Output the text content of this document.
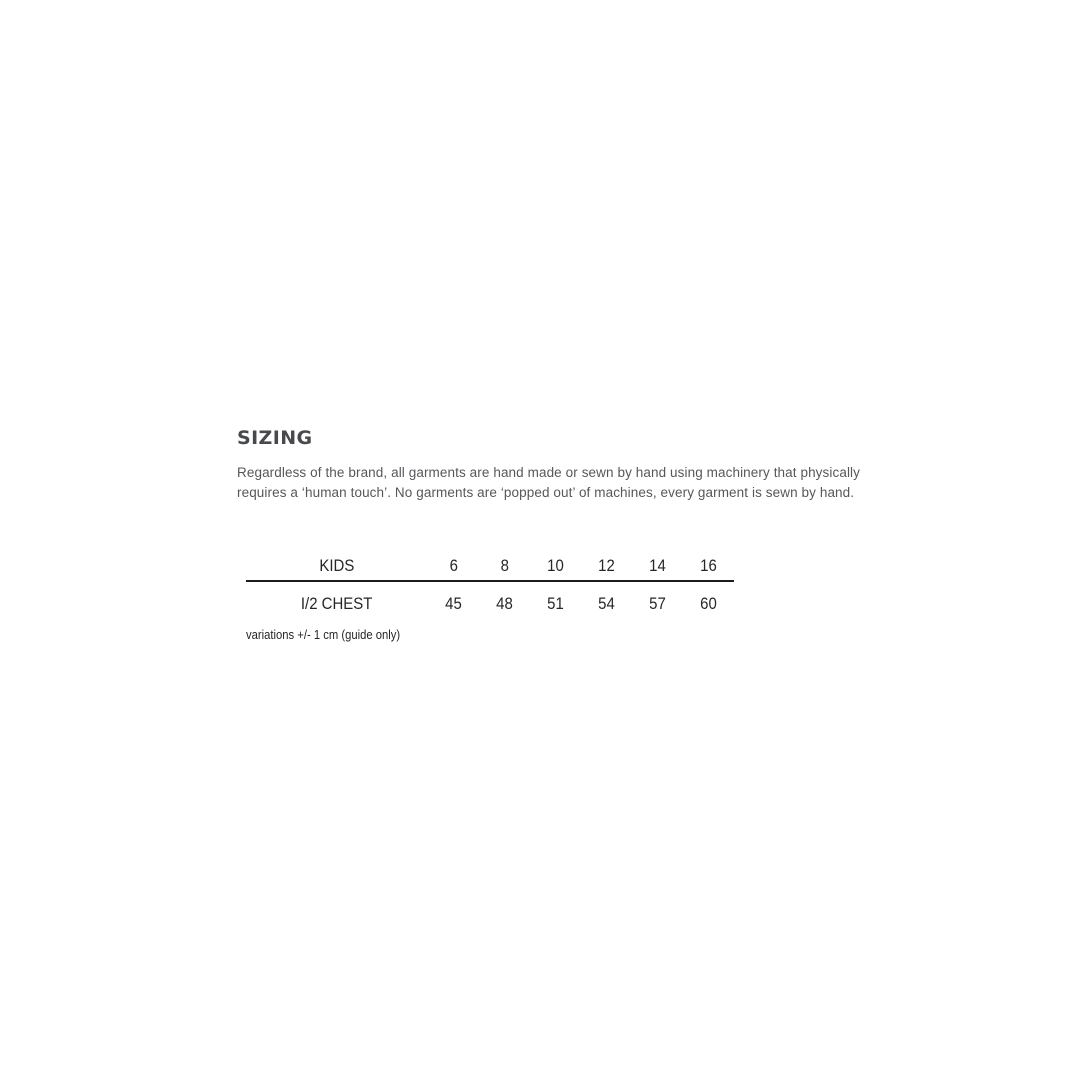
SIZING

Regardless of the brand, all garments are hand made or sewn by hand using machinery that physically requires a ‘human touch’. No garments are ‘popped out’ of machines, every garment is sewn by hand.

KIDS	6	8	10	12	14	16
I/2 CHEST	45	48	51	54	57	60
variations +/- 1 cm (guide only)
